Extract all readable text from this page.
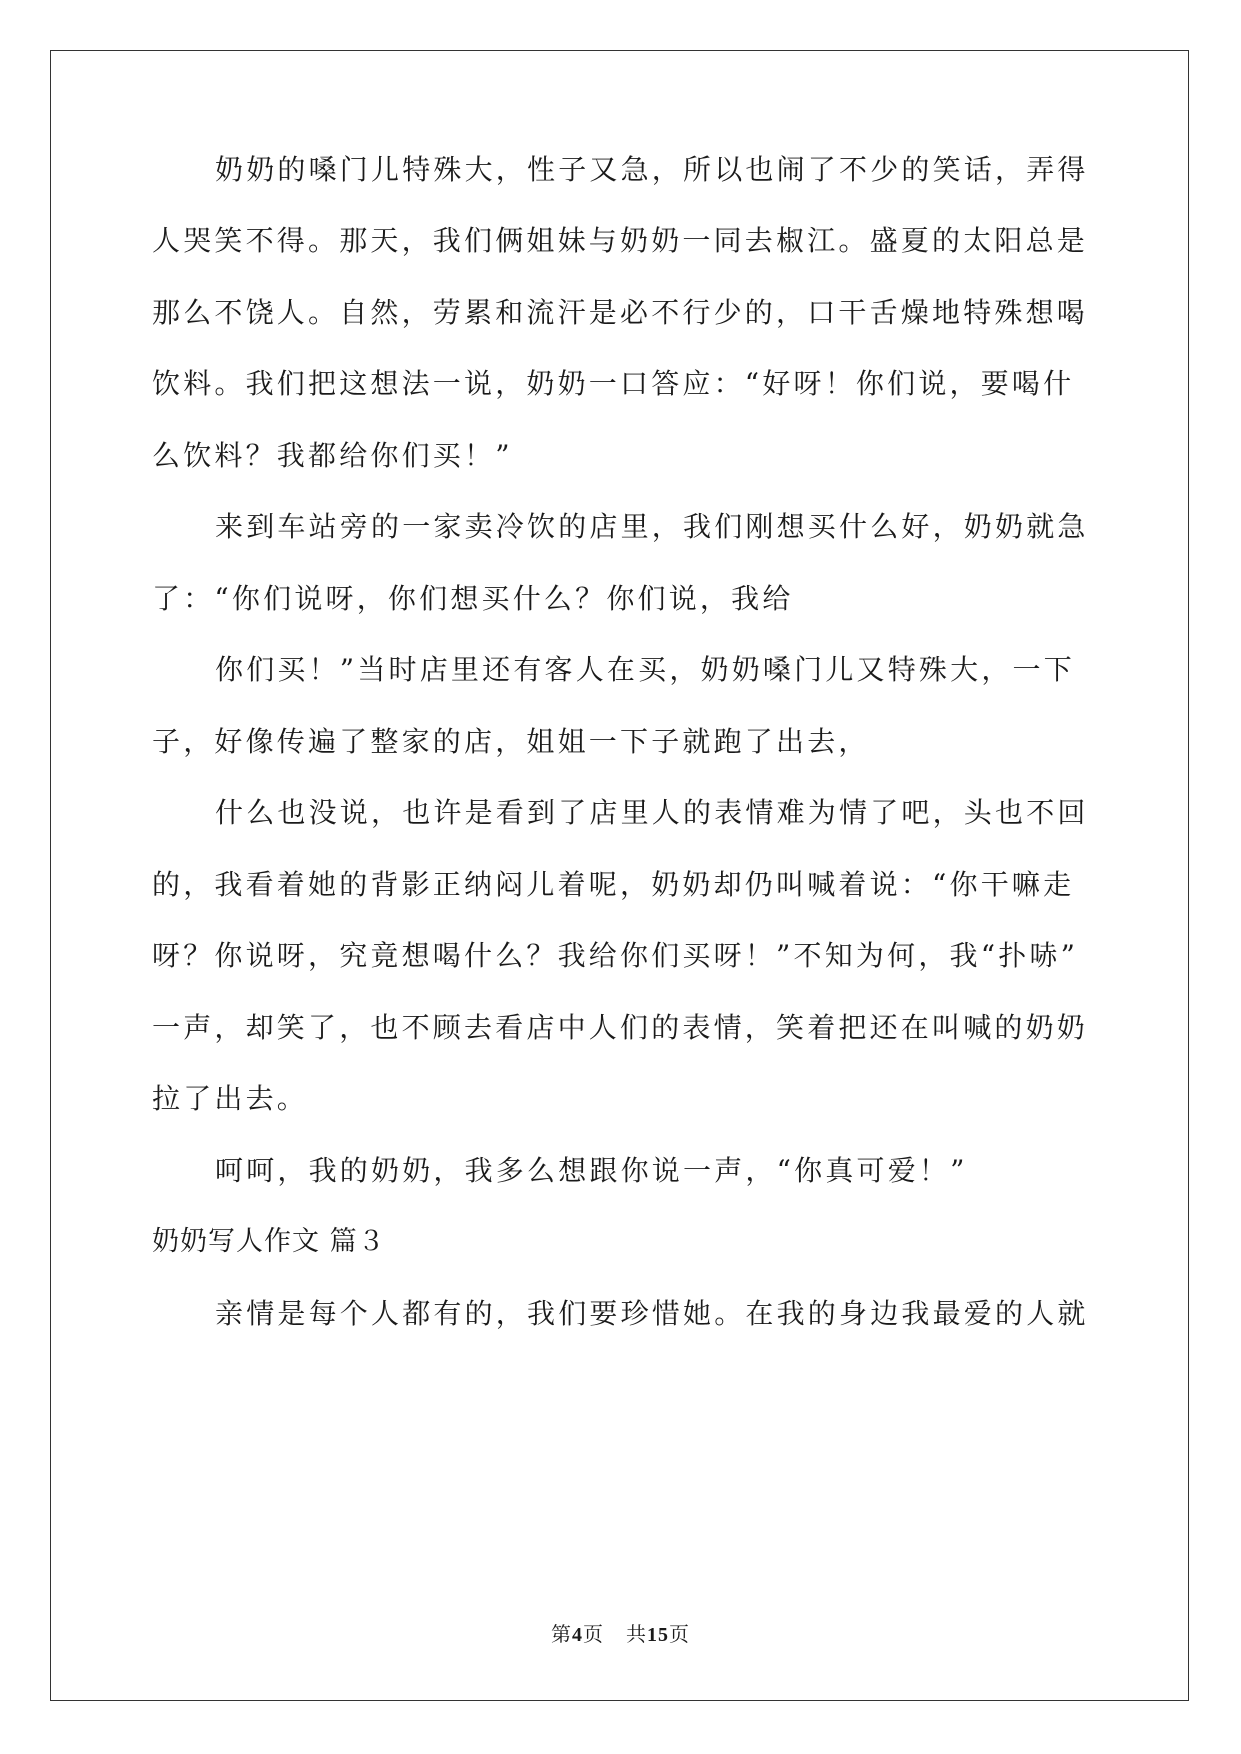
奶奶的嗓门儿特殊大，性子又急，所以也闹了不少的笑话，弄得
人哭笑不得。那天，我们俩姐妹与奶奶一同去椒江。盛夏的太阳总是
那么不饶人。自然，劳累和流汗是必不行少的，口干舌燥地特殊想喝
饮料。我们把这想法一说，奶奶一口答应：“好呀！你们说，要喝什
么饮料？我都给你们买！”
来到车站旁的一家卖冷饮的店里，我们刚想买什么好，奶奶就急
了：“你们说呀，你们想买什么？你们说，我给
你们买！”当时店里还有客人在买，奶奶嗓门儿又特殊大，一下
子，好像传遍了整家的店，姐姐一下子就跑了出去，
什么也没说，也许是看到了店里人的表情难为情了吧，头也不回
的，我看着她的背影正纳闷儿着呢，奶奶却仍叫喊着说：“你干嘛走
呀？你说呀，究竟想喝什么？我给你们买呀！”不知为何，我“扑哧”
一声，却笑了，也不顾去看店中人们的表情，笑着把还在叫喊的奶奶
拉了出去。
呵呵，我的奶奶，我多么想跟你说一声，“你真可爱！”
奶奶写人作文 篇３
亲情是每个人都有的，我们要珍惜她。在我的身边我最爱的人就
第4页 共15页
